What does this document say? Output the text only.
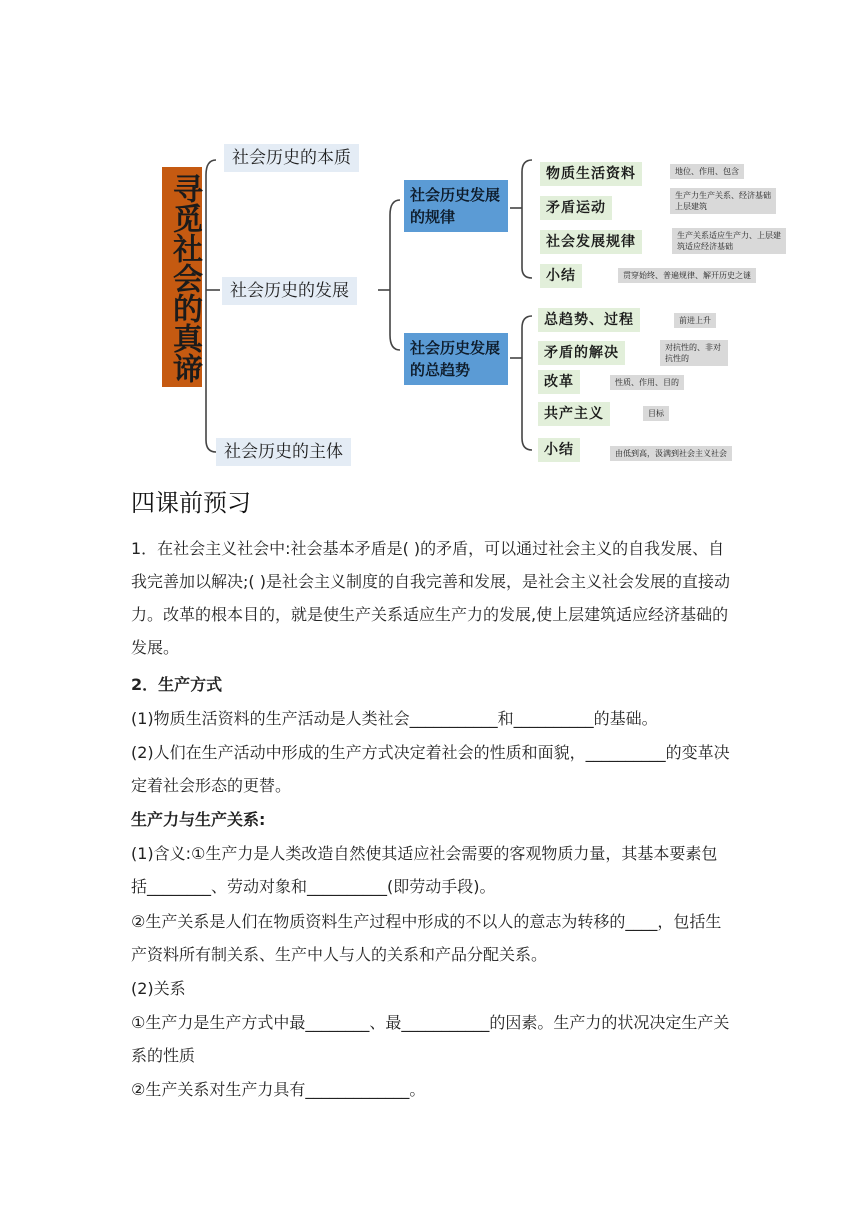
寻觅社会的真谛
社会历史的本质
社会历史的发展
社会历史的主体
社会历史发展的规律
社会历史发展的总趋势
物质生活资料	地位、作用、包含
矛盾运动
生产力生产关系、经济基础上层建筑
社会发展规律	生产关系适应生产力、上层建筑适应经济基础
小结	贯穿始终、普遍规律、解开历史之谜
总趋势、过程	前进上升
矛盾的解决	对抗性的、非对抗性的
改革	性质、作用、目的
共产主义	目标
小结	由低到高，汲满到社会主义社会
四课前预习
1．在社会主义社会中:社会基本矛盾是( )的矛盾，可以通过社会主义的自我发展、自我完善加以解决;( )是社会主义制度的自我完善和发展，是社会主义社会发展的直接动力。改革的根本目的，就是使生产关系适应生产力的发展,使上层建筑适应经济基础的发展。
2．生产方式
(1)物质生活资料的生产活动是人类社会___________和__________的基础。
(2)人们在生产活动中形成的生产方式决定着社会的性质和面貌，__________的变革决定着社会形态的更替。
生产力与生产关系:
(1)含义:①生产力是人类改造自然使其适应社会需要的客观物质力量，其基本要素包括________、劳动对象和__________(即劳动手段)。
②生产关系是人们在物质资料生产过程中形成的不以人的意志为转移的____，包括生产资料所有制关系、生产中人与人的关系和产品分配关系。
(2)关系
①生产力是生产方式中最________、最___________的因素。生产力的状况决定生产关系的性质
②生产关系对生产力具有_____________。
